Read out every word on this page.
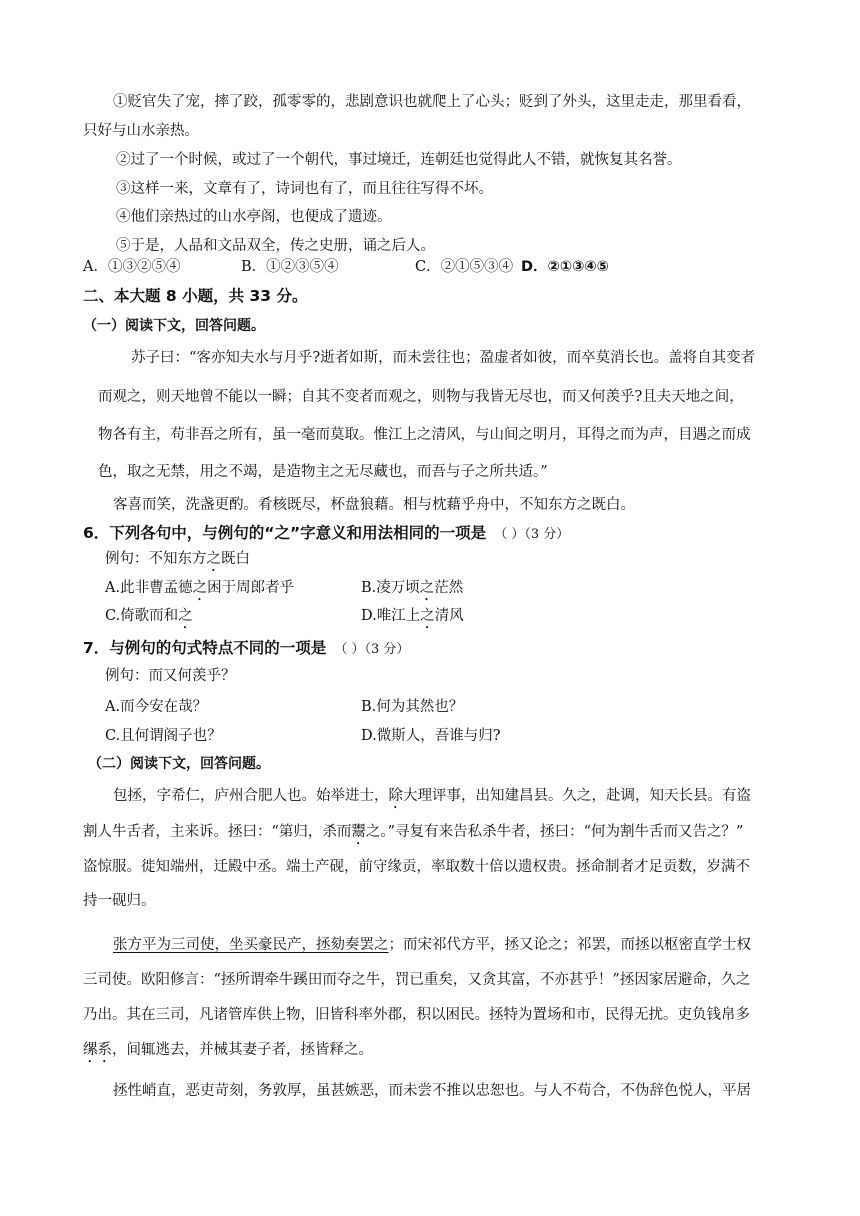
①贬官失了宠，摔了跤，孤零零的，悲剧意识也就爬上了心头；贬到了外头，这里走走，那里看看，
只好与山水亲热。
②过了一个时候，或过了一个朝代，事过境迁，连朝廷也觉得此人不错，就恢复其名誉。
③这样一来，文章有了，诗词也有了，而且往往写得不坏。
④他们亲热过的山水亭阁，也便成了遗迹。
⑤于是，人品和文品双全，传之史册，诵之后人。
A．①③②⑤④	B．①②③⑤④	C．②①⑤③④ D．②①③④⑤
二、本大题 8 小题，共 33 分。
（一）阅读下文，回答问题。
苏子曰：“客亦知夫水与月乎?逝者如斯，而未尝往也；盈虚者如彼，而卒莫消长也。盖将自其变者
而观之，则天地曾不能以一瞬；自其不变者而观之，则物与我皆无尽也，而又何羡乎?且夫天地之间，
物各有主，苟非吾之所有，虽一毫而莫取。惟江上之清风，与山间之明月，耳得之而为声，目遇之而成
色，取之无禁，用之不竭，是造物主之无尽藏也，而吾与子之所共适。”
客喜而笑，洗盏更酌。肴核既尽，杯盘狼藉。相与枕藉乎舟中，不知东方之既白。
6．下列各句中，与例句的“之”字意义和用法相同的一项是 （ ）（3 分）
例句：不知东方之既白
A.此非曹孟德之困于周郎者乎	B.凌万顷之茫然
C.倚歌而和之	D.唯江上之清风
7．与例句的句式特点不同的一项是 （ ）（3 分）
例句：而又何羡乎？
A.而今安在哉？	B.何为其然也？
C.且何谓阁子也？	D.微斯人，吾谁与归?
（二）阅读下文，回答问题。
包拯，字希仁，庐州合肥人也。始举进士，除大理评事，出知建昌县。久之，赴调，知天长县。有盗
割人牛舌者，主来诉。拯曰：“第归，杀而鬻之。”寻复有来告私杀牛者，拯曰：“何为割牛舌而又告之？”
盗惊服。徙知端州，迁殿中丞。端土产砚，前守缘贡，率取数十倍以遗权贵。拯命制者才足贡数，岁满不
持一砚归。
张方平为三司使，坐买豪民产，拯劾奏罢之；而宋祁代方平，拯又论之；祁罢，而拯以枢密直学士权
三司使。欧阳修言：“拯所谓牵牛蹊田而夺之牛，罚已重矣，又贪其富，不亦甚乎！”拯因家居避命，久之
乃出。其在三司，凡诸管库供上物，旧皆科率外郡，积以困民。拯特为置场和市，民得无扰。吏负钱帛多
缧系，间辄逃去，并械其妻子者，拯皆释之。
拯性峭直，恶吏苛刻，务敦厚，虽甚嫉恶，而未尝不推以忠恕也。与人不苟合，不伪辞色悦人，平居
